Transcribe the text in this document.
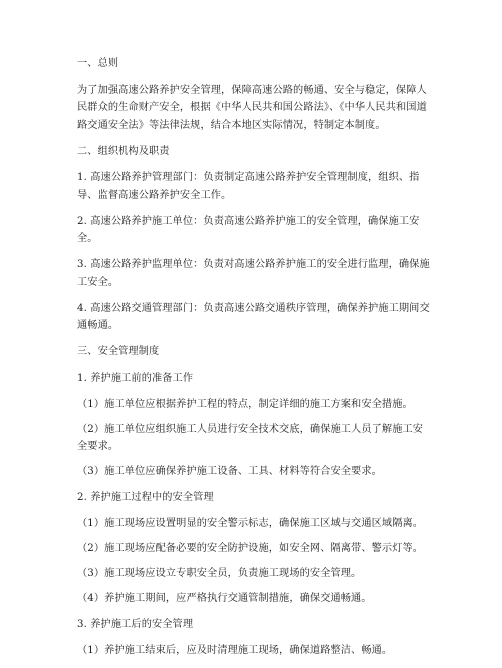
一、总则

为了加强高速公路养护安全管理，保障高速公路的畅通、安全与稳定，保障人民群众的生命财产安全，根据《中华人民共和国公路法》、《中华人民共和国道路交通安全法》等法律法规，结合本地区实际情况，特制定本制度。

二、组织机构及职责

1. 高速公路养护管理部门：负责制定高速公路养护安全管理制度，组织、指导、监督高速公路养护安全工作。

2. 高速公路养护施工单位：负责高速公路养护施工的安全管理，确保施工安全。

3. 高速公路养护监理单位：负责对高速公路养护施工的安全进行监理，确保施工安全。

4. 高速公路交通管理部门：负责高速公路交通秩序管理，确保养护施工期间交通畅通。

三、安全管理制度

1. 养护施工前的准备工作

（1）施工单位应根据养护工程的特点，制定详细的施工方案和安全措施。

（2）施工单位应组织施工人员进行安全技术交底，确保施工人员了解施工安全要求。

（3）施工单位应确保养护施工设备、工具、材料等符合安全要求。

2. 养护施工过程中的安全管理

（1）施工现场应设置明显的安全警示标志，确保施工区域与交通区域隔离。

（2）施工现场应配备必要的安全防护设施，如安全网、隔离带、警示灯等。

（3）施工现场应设立专职安全员，负责施工现场的安全管理。

（4）养护施工期间，应严格执行交通管制措施，确保交通畅通。

3. 养护施工后的安全管理

（1）养护施工结束后，应及时清理施工现场，确保道路整洁、畅通。
